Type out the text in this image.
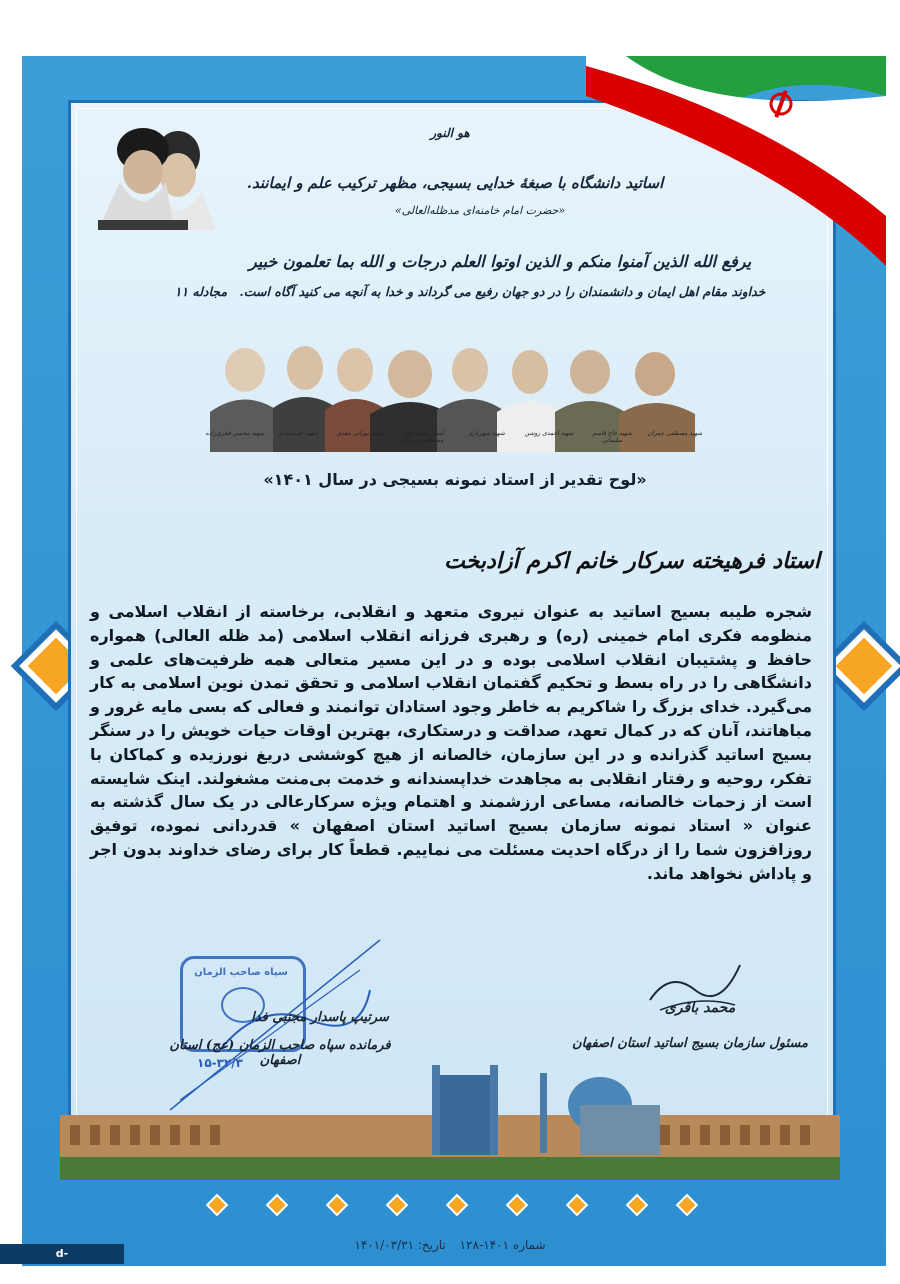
هو النور
اساتید دانشگاه با صبغهٔ خدایی بسیجی، مظهر ترکیب علم و ایمانند.
«حضرت امام خامنه‌ای مدظله‌العالی»
یرفع الله الذین آمنوا منکم و الذین اوتوا العلم درجات و الله بما تعلمون خبیر
خداوند مقام اهل ایمان و دانشمندان را در دو جهان رفیع می گرداند و خدا به آنچه می کنید آگاه است. مجادله ۱۱
شهید مصطفی چمران
شهید حاج قاسم سلیمانی
شهید احمدی روشن
شهید شهریاری
استاد شهید دکتر مصطفی چمران
شهید تهرانی مقدم
شهید علیمحمدی
شهید محسن فخری‌زاده
«لوح تقدیر از استاد نمونه بسیجی در سال ۱۴۰۱»
استاد فرهیخته سرکار خانم اکرم آزادبخت
شجره طیبه بسیج اساتید به عنوان نیروی متعهد و انقلابی، برخاسته از انقلاب اسلامی و منظومه فکری امام خمینی (ره) و رهبری فرزانه انقلاب اسلامی (مد ظله العالی) همواره حافظ و پشتیبان انقلاب اسلامی بوده و در این مسیر متعالی همه ظرفیت‌های علمی و دانشگاهی را در راه بسط و تحکیم گفتمان انقلاب اسلامی و تحقق تمدن نوین اسلامی به کار می‌گیرد. خدای بزرگ را شاکریم به خاطر وجود استادان توانمند و فعالی که بسی مایه غرور و مباهاتند، آنان که در کمال تعهد، صداقت و درستکاری، بهترین اوقات حیات خویش را در سنگر بسیج اساتید گذرانده و در این سازمان، خالصانه از هیچ کوششی دریغ نورزیده و کماکان با تفکر، روحیه و رفتار انقلابی به مجاهدت خداپسندانه و خدمت بی‌منت مشغولند. اینک شایسته است از زحمات خالصانه، مساعی ارزشمند و اهتمام ویژه سرکارعالی در یک سال گذشته به عنوان « استاد نمونه سازمان بسیج اساتید استان اصفهان » قدردانی نموده، توفیق روزافزون شما را از درگاه احدیت مسئلت می نماییم. قطعاً کار برای رضای خداوند بدون اجر و پاداش نخواهد ماند.
محمد باقری
مسئول سازمان بسیج اساتید استان اصفهان
سپاه صاحب الزمان
سرتیپ پاسدار مجتبی فدا
فرمانده سپاه صاحب الزمان (عج) استان اصفهان
۱۵-۳۲/۳
شماره ۱۴۰۱-۱۲۸ تاریخ: ۱۴۰۱/۰۳/۳۱
d-najafabad.nus.ac.ir
